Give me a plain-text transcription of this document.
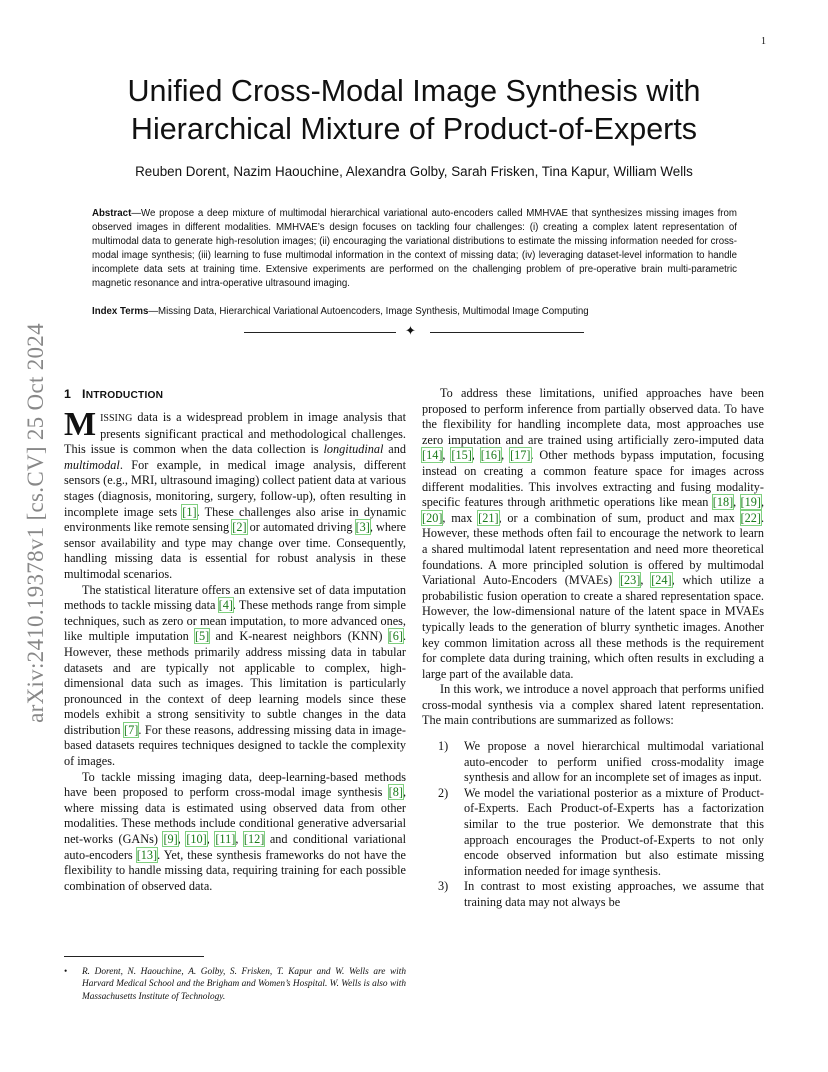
1
arXiv:2410.19378v1 [cs.CV] 25 Oct 2024
Unified Cross-Modal Image Synthesis with
Hierarchical Mixture of Product-of-Experts
Reuben Dorent, Nazim Haouchine, Alexandra Golby, Sarah Frisken, Tina Kapur, William Wells
Abstract—We propose a deep mixture of multimodal hierarchical variational auto-encoders called MMHVAE that synthesizes missing images from observed images in different modalities. MMHVAE’s design focuses on tackling four challenges: (i) creating a complex latent representation of multimodal data to generate high-resolution images; (ii) encouraging the variational distributions to estimate the missing information needed for cross-modal image synthesis; (iii) learning to fuse multimodal information in the context of missing data; (iv) leveraging dataset-level information to handle incomplete data sets at training time. Extensive experiments are performed on the challenging problem of pre-operative brain multi-parametric magnetic resonance and intra-operative ultrasound imaging.
Index Terms—Missing Data, Hierarchical Variational Autoencoders, Image Synthesis, Multimodal Image Computing
✦
1 INTRODUCTION

MISSING data is a widespread problem in image analysis that presents significant practical and methodological challenges. This issue is common when the data collection is longitudinal and multimodal. For example, in medical image analysis, different sensors (e.g., MRI, ultrasound imaging) collect patient data at various stages (diagnosis, monitoring, surgery, follow-up), often resulting in incomplete image sets [1]. These challenges also arise in dynamic environments like remote sensing [2] or automated driving [3], where sensor availability and type may change over time. Consequently, handling missing data is essential for robust analysis in these multimodal scenarios.

The statistical literature offers an extensive set of data imputation methods to tackle missing data [4]. These methods range from simple techniques, such as zero or mean imputation, to more advanced ones, like multiple imputation [5] and K-nearest neighbors (KNN) [6]. However, these methods primarily address missing data in tabular datasets and are typically not applicable to complex, high-dimensional data such as images. This limitation is particularly pronounced in the context of deep learning models since these models exhibit a strong sensitivity to subtle changes in the data distribution [7]. For these reasons, addressing missing data in image-based datasets requires techniques designed to tackle the complexity of images.

To tackle missing imaging data, deep-learning-based methods have been proposed to perform cross-modal image synthesis [8], where missing data is estimated using observed data from other modalities. These methods include conditional generative adversarial net-works (GANs) [9], [10], [11], [12] and conditional variational auto-encoders [13]. Yet, these synthesis frameworks do not have the flexibility to handle missing data, requiring training for each possible combination of observed data.

• R. Dorent, N. Haouchine, A. Golby, S. Frisken, T. Kapur and W. Wells are with Harvard Medical School and the Brigham and Women’s Hospital. W. Wells is also with Massachusetts Institute of Technology.

To address these limitations, unified approaches have been proposed to perform inference from partially observed data. To have the flexibility for handling incomplete data, most approaches use zero imputation and are trained using artificially zero-imputed data [14], [15], [16], [17]. Other methods bypass imputation, focusing instead on creating a common feature space for images across different modalities. This involves extracting and fusing modality-specific features through arithmetic operations like mean [18], [19], [20], max [21], or a combination of sum, product and max [22]. However, these methods often fail to encourage the network to learn a shared multimodal latent representation and need more theoretical foundations. A more principled solution is offered by multimodal Variational Auto-Encoders (MVAEs) [23], [24], which utilize a probabilistic fusion operation to create a shared representation space. However, the low-dimensional nature of the latent space in MVAEs typically leads to the generation of blurry synthetic images. Another key common limitation across all these methods is the requirement for complete data during training, which often results in excluding a large part of the available data.

In this work, we introduce a novel approach that performs unified cross-modal synthesis via a complex shared latent representation. The main contributions are summarized as follows:

1) We propose a novel hierarchical multimodal variational auto-encoder to perform unified cross-modality image synthesis and allow for an incomplete set of images as input.
2) We model the variational posterior as a mixture of Product-of-Experts. Each Product-of-Experts has a factorization similar to the true posterior. We demonstrate that this approach encourages the Product-of-Experts to not only encode observed information but also estimate missing information needed for image synthesis.
3) In contrast to most existing approaches, we assume that training data may not always be
